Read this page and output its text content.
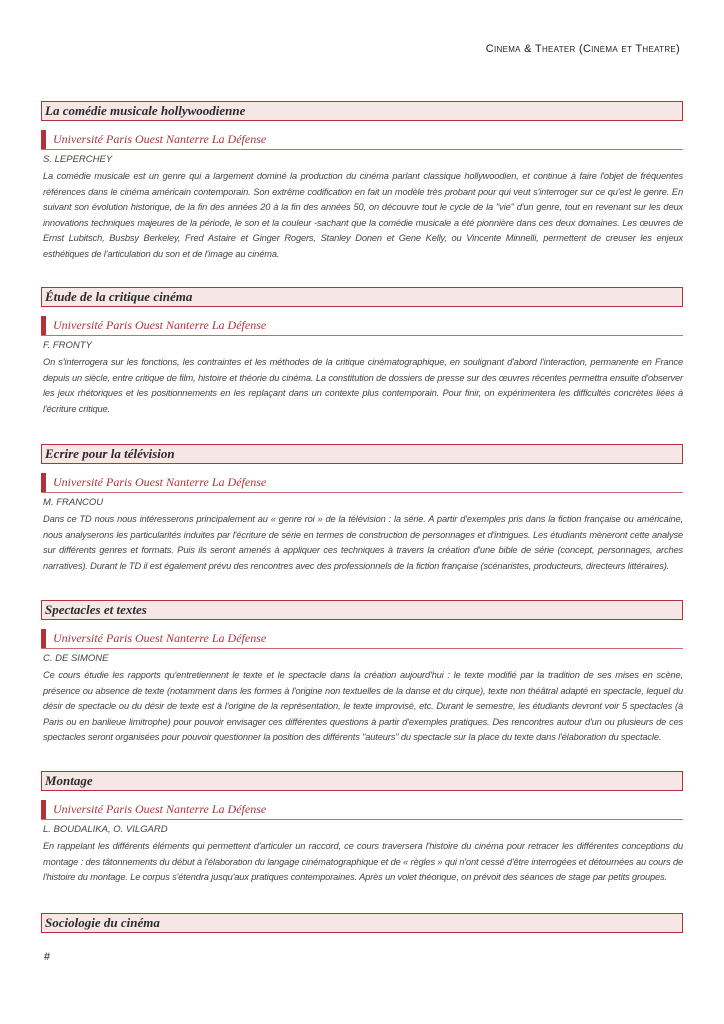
Cinema & Theater (Cinema et Theatre)
La comédie musicale hollywoodienne
Université Paris Ouest Nanterre La Défense
S. LEPERCHEY
La comédie musicale est un genre qui a largement dominé la production du cinéma parlant classique hollywoodien, et continue à faire l'objet de fréquentes références dans le cinéma américain contemporain. Son extrême codification en fait un modèle très probant pour qui veut s'interroger sur ce qu'est le genre. En suivant son évolution historique, de la fin des années 20 à la fin des années 50, on découvre tout le cycle de la "vie" d'un genre, tout en revenant sur les deux innovations techniques majeures de la période, le son et la couleur -sachant que la comédie musicale a été pionnière dans ces deux domaines. Les œuvres de Ernst Lubitsch, Busbsy Berkeley, Fred Astaire et Ginger Rogers, Stanley Donen et Gene Kelly, ou Vincente Minnelli, permettent de creuser les enjeux esthétiques de l'articulation du son et de l'image au cinéma.
Étude de la critique cinéma
Université Paris Ouest Nanterre La Défense
F. FRONTY
On s'interrogera sur les fonctions, les contraintes et les méthodes de la critique cinématographique, en soulignant d'abord l'interaction, permanente en France depuis un siècle, entre critique de film, histoire et théorie du cinéma. La constitution de dossiers de presse sur des œuvres récentes permettra ensuite d'observer les jeux rhétoriques et les positionnements en les replaçant dans un contexte plus contemporain. Pour finir, on expérimentera les difficultés concrètes liées à l'écriture critique.
Ecrire pour la télévision
Université Paris Ouest Nanterre La Défense
M. FRANCOU
Dans ce TD nous nous intéresserons principalement au « genre roi » de la télévision : la série. A partir d'exemples pris dans la fiction française ou américaine, nous analyserons les particularités induites par l'écriture de série en termes de construction de personnages et d'intrigues. Les étudiants mèneront cette analyse sur différents genres et formats. Puis ils seront amenés à appliquer ces techniques à travers la création d'une bible de série (concept, personnages, arches narratives). Durant le TD il est également prévu des rencontres avec des professionnels de la fiction française (scénaristes, producteurs, directeurs littéraires).
Spectacles et textes
Université Paris Ouest Nanterre La Défense
C. DE SIMONE
Ce cours étudie les rapports qu'entretiennent le texte et le spectacle dans la création aujourd'hui : le texte modifié par la tradition de ses mises en scène, présence ou absence de texte (notamment dans les formes à l'origine non textuelles de la danse et du cirque), texte non théâtral adapté en spectacle, lequel du désir de spectacle ou du désir de texte est à l'origine de la représentation, le texte improvisé, etc. Durant le semestre, les étudiants devront voir 5 spectacles (à Paris ou en banlieue limitrophe) pour pouvoir envisager ces différentes questions à partir d'exemples pratiques. Des rencontres autour d'un ou plusieurs de ces spectacles seront organisées pour pouvoir questionner la position des différents "auteurs" du spectacle sur la place du texte dans l'élaboration du spectacle.
Montage
Université Paris Ouest Nanterre La Défense
L. BOUDALIKA, O. VILGARD
En rappelant les différents éléments qui permettent d'articuler un raccord, ce cours traversera l'histoire du cinéma pour retracer les différentes conceptions du montage : des tâtonnements du début à l'élaboration du langage cinématographique et de « règles » qui n'ont cessé d'être interrogées et détournées au cours de l'histoire du montage. Le corpus s'étendra jusqu'aux pratiques contemporaines. Après un volet théorique, on prévoit des séances de stage par petits groupes.
Sociologie du cinéma
#
